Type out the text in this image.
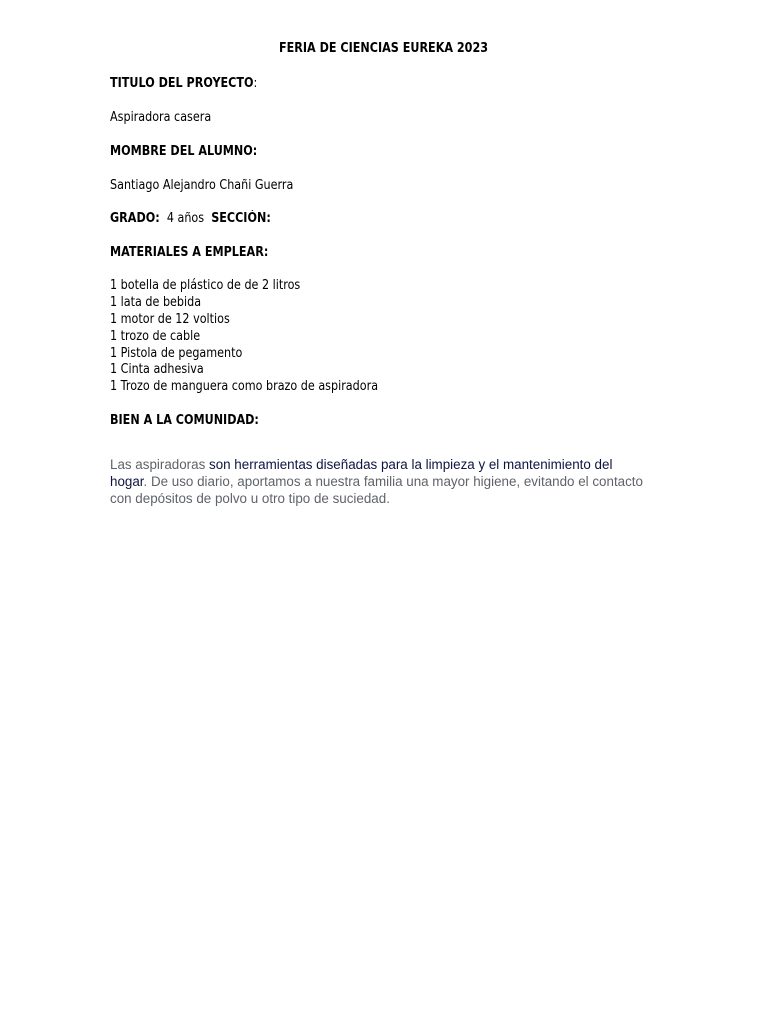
FERIA DE CIENCIAS EUREKA 2023
TITULO DEL PROYECTO:
Aspiradora casera
MOMBRE DEL ALUMNO:
Santiago Alejandro Chañi Guerra
GRADO: 4 años SECCIÓN:
MATERIALES A EMPLEAR:
1 botella de plástico de de 2 litros
1 lata de bebida
1 motor de 12 voltios
1 trozo de cable
1 Pistola de pegamento
1 Cinta adhesiva
1 Trozo de manguera como brazo de aspiradora
BIEN A LA COMUNIDAD:
Las aspiradoras son herramientas diseñadas para la limpieza y el mantenimiento del hogar. De uso diario, aportamos a nuestra familia una mayor higiene, evitando el contacto con depósitos de polvo u otro tipo de suciedad.
